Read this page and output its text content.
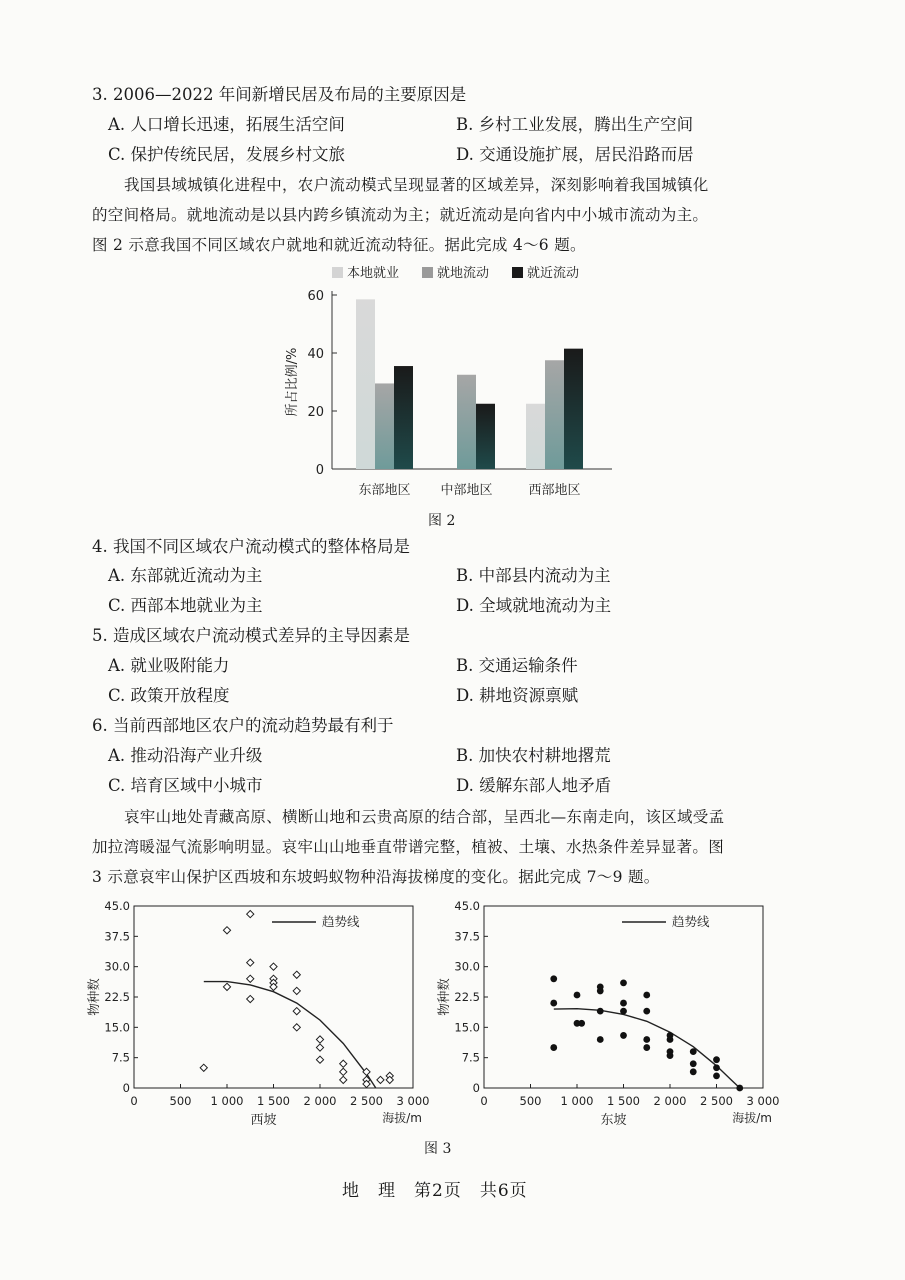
3. 2006—2022 年间新增民居及布局的主要原因是
A. 人口增长迅速，拓展生活空间	B. 乡村工业发展，腾出生产空间
C. 保护传统民居，发展乡村文旅	D. 交通设施扩展，居民沿路而居
我国县域城镇化进程中，农户流动模式呈现显著的区域差异，深刻影响着我国城镇化
的空间格局。就地流动是以县内跨乡镇流动为主；就近流动是向省内中小城市流动为主。
图 2 示意我国不同区域农户就地和就近流动特征。据此完成 4～6 题。
本地就业	就地流动	就近流动
0
20
40
60
所占比例/%
东部地区 中部地区	西部地区
图 2
4. 我国不同区域农户流动模式的整体格局是
A. 东部就近流动为主	B. 中部县内流动为主
C. 西部本地就业为主	D. 全域就地流动为主
5. 造成区域农户流动模式差异的主导因素是
A. 就业吸附能力	B. 交通运输条件
C. 政策开放程度	D. 耕地资源禀赋
6. 当前西部地区农户的流动趋势最有利于
A. 推动沿海产业升级	B. 加快农村耕地撂荒
C. 培育区域中小城市	D. 缓解东部人地矛盾
哀牢山地处青藏高原、横断山地和云贵高原的结合部，呈西北—东南走向，该区域受孟
加拉湾暖湿气流影响明显。哀牢山山地垂直带谱完整，植被、土壤、水热条件差异显著。图
3 示意哀牢山保护区西坡和东坡蚂蚁物种沿海拔梯度的变化。据此完成 7～9 题。
0
7.5
15.0
22.5
30.0
37.5
45.0
0	500 1 000 1 500 2 000 2 500 3 000
物种数
海拔/m
西坡
趋势线
0
7.5
15.0
22.5
30.0
37.5
45.0
0	500 1 000 1 500 2 000 2 500 3 000
物种数
海拔/m
东坡
趋势线
图 3
地　理　第2页　共6页
